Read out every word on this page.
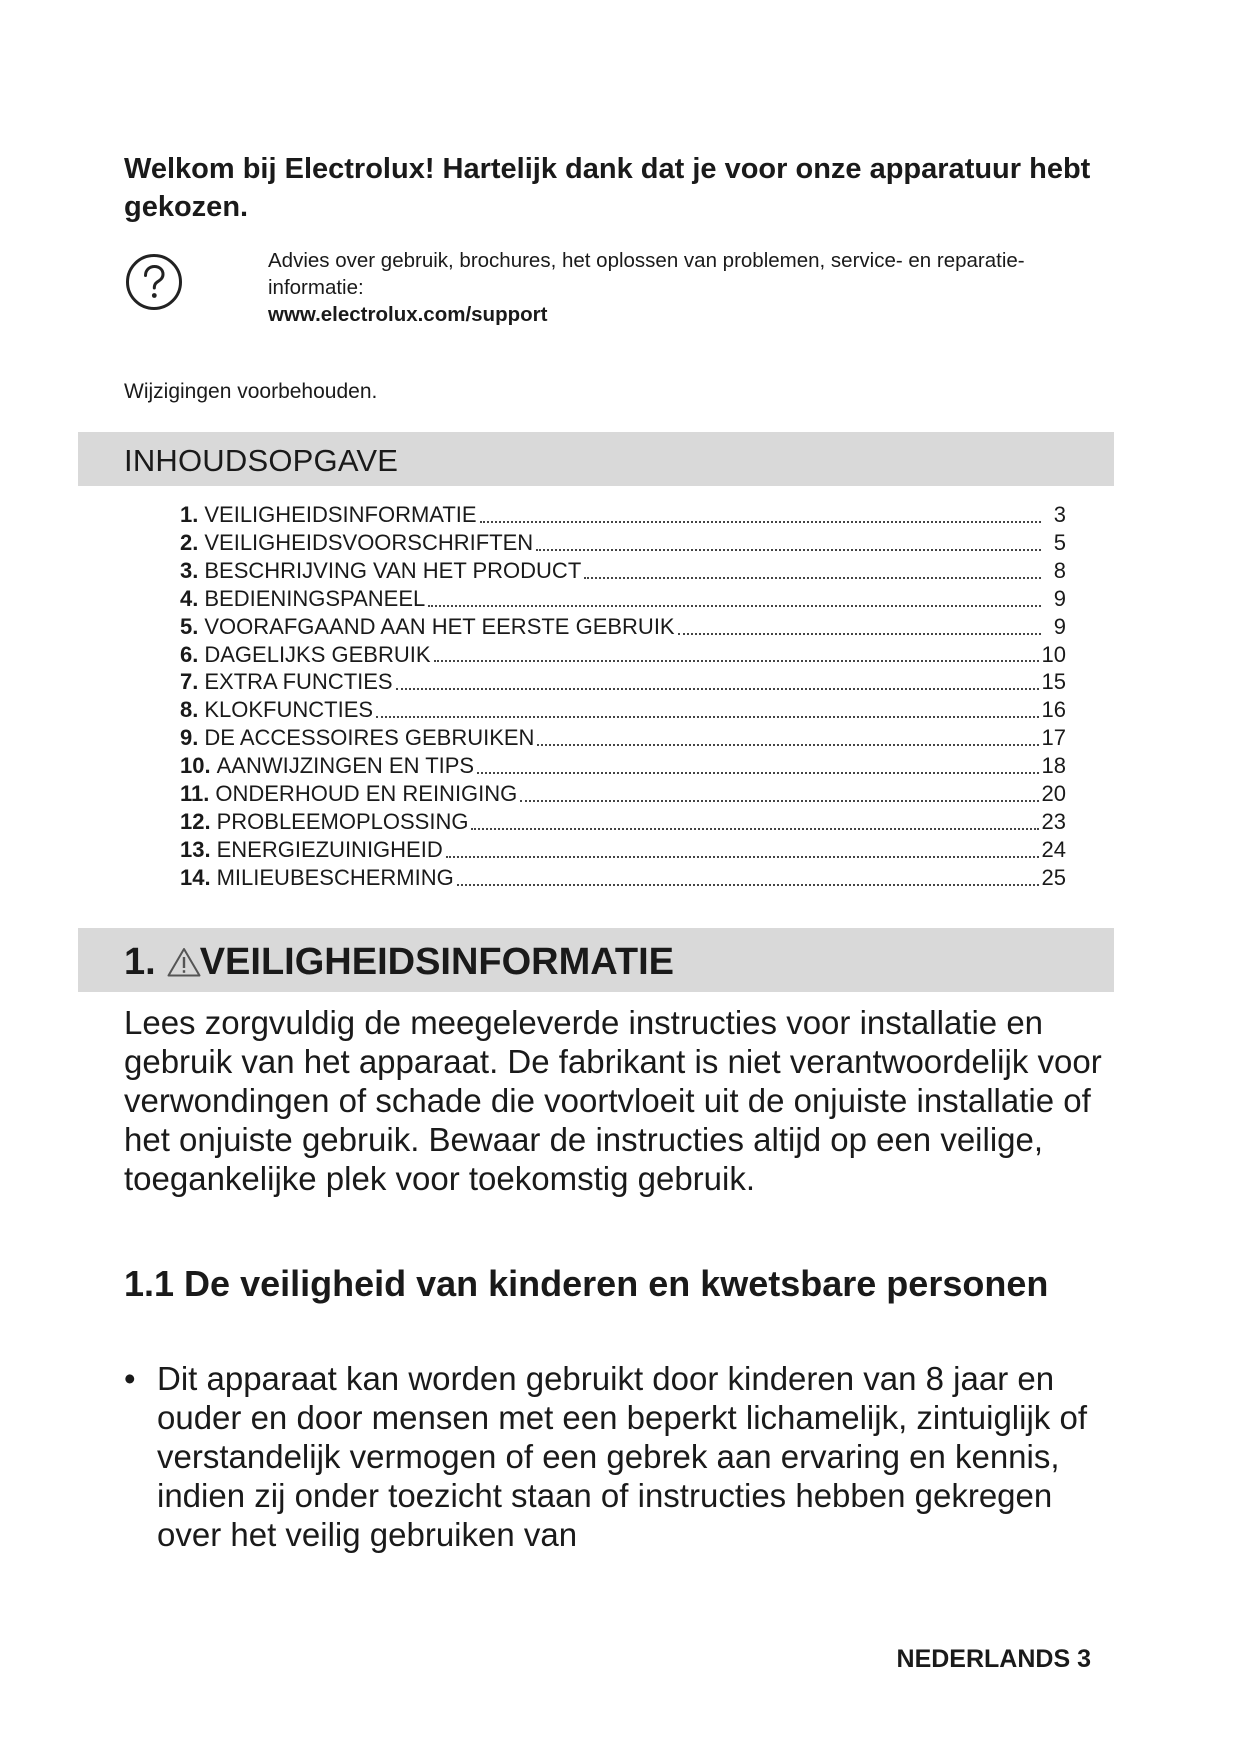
Welkom bij Electrolux! Hartelijk dank dat je voor onze apparatuur hebt gekozen.
Advies over gebruik, brochures, het oplossen van problemen, service- en reparatie-informatie:
www.electrolux.com/support
Wijzigingen voorbehouden.
INHOUDSOPGAVE
1. VEILIGHEIDSINFORMATIE	3
2. VEILIGHEIDSVOORSCHRIFTEN	5
3. BESCHRIJVING VAN HET PRODUCT	8
4. BEDIENINGSPANEEL	9
5. VOORAFGAAND AAN HET EERSTE GEBRUIK	9
6. DAGELIJKS GEBRUIK	10
7. EXTRA FUNCTIES	15
8. KLOKFUNCTIES	16
9. DE ACCESSOIRES GEBRUIKEN	17
10. AANWIJZINGEN EN TIPS	18
11. ONDERHOUD EN REINIGING	20
12. PROBLEEMOPLOSSING	23
13. ENERGIEZUINIGHEID	24
14. MILIEUBESCHERMING	25
1. VEILIGHEIDSINFORMATIE

Lees zorgvuldig de meegeleverde instructies voor installatie en gebruik van het apparaat. De fabrikant is niet verantwoordelijk voor verwondingen of schade die voortvloeit uit de onjuiste installatie of het onjuiste gebruik. Bewaar de instructies altijd op een veilige, toegankelijke plek voor toekomstig gebruik.

1.1 De veiligheid van kinderen en kwetsbare personen
• Dit apparaat kan worden gebruikt door kinderen van 8 jaar en ouder en door mensen met een beperkt lichamelijk, zintuiglijk of verstandelijk vermogen of een gebrek aan ervaring en kennis, indien zij onder toezicht staan of instructies hebben gekregen over het veilig gebruiken van
NEDERLANDS 3
